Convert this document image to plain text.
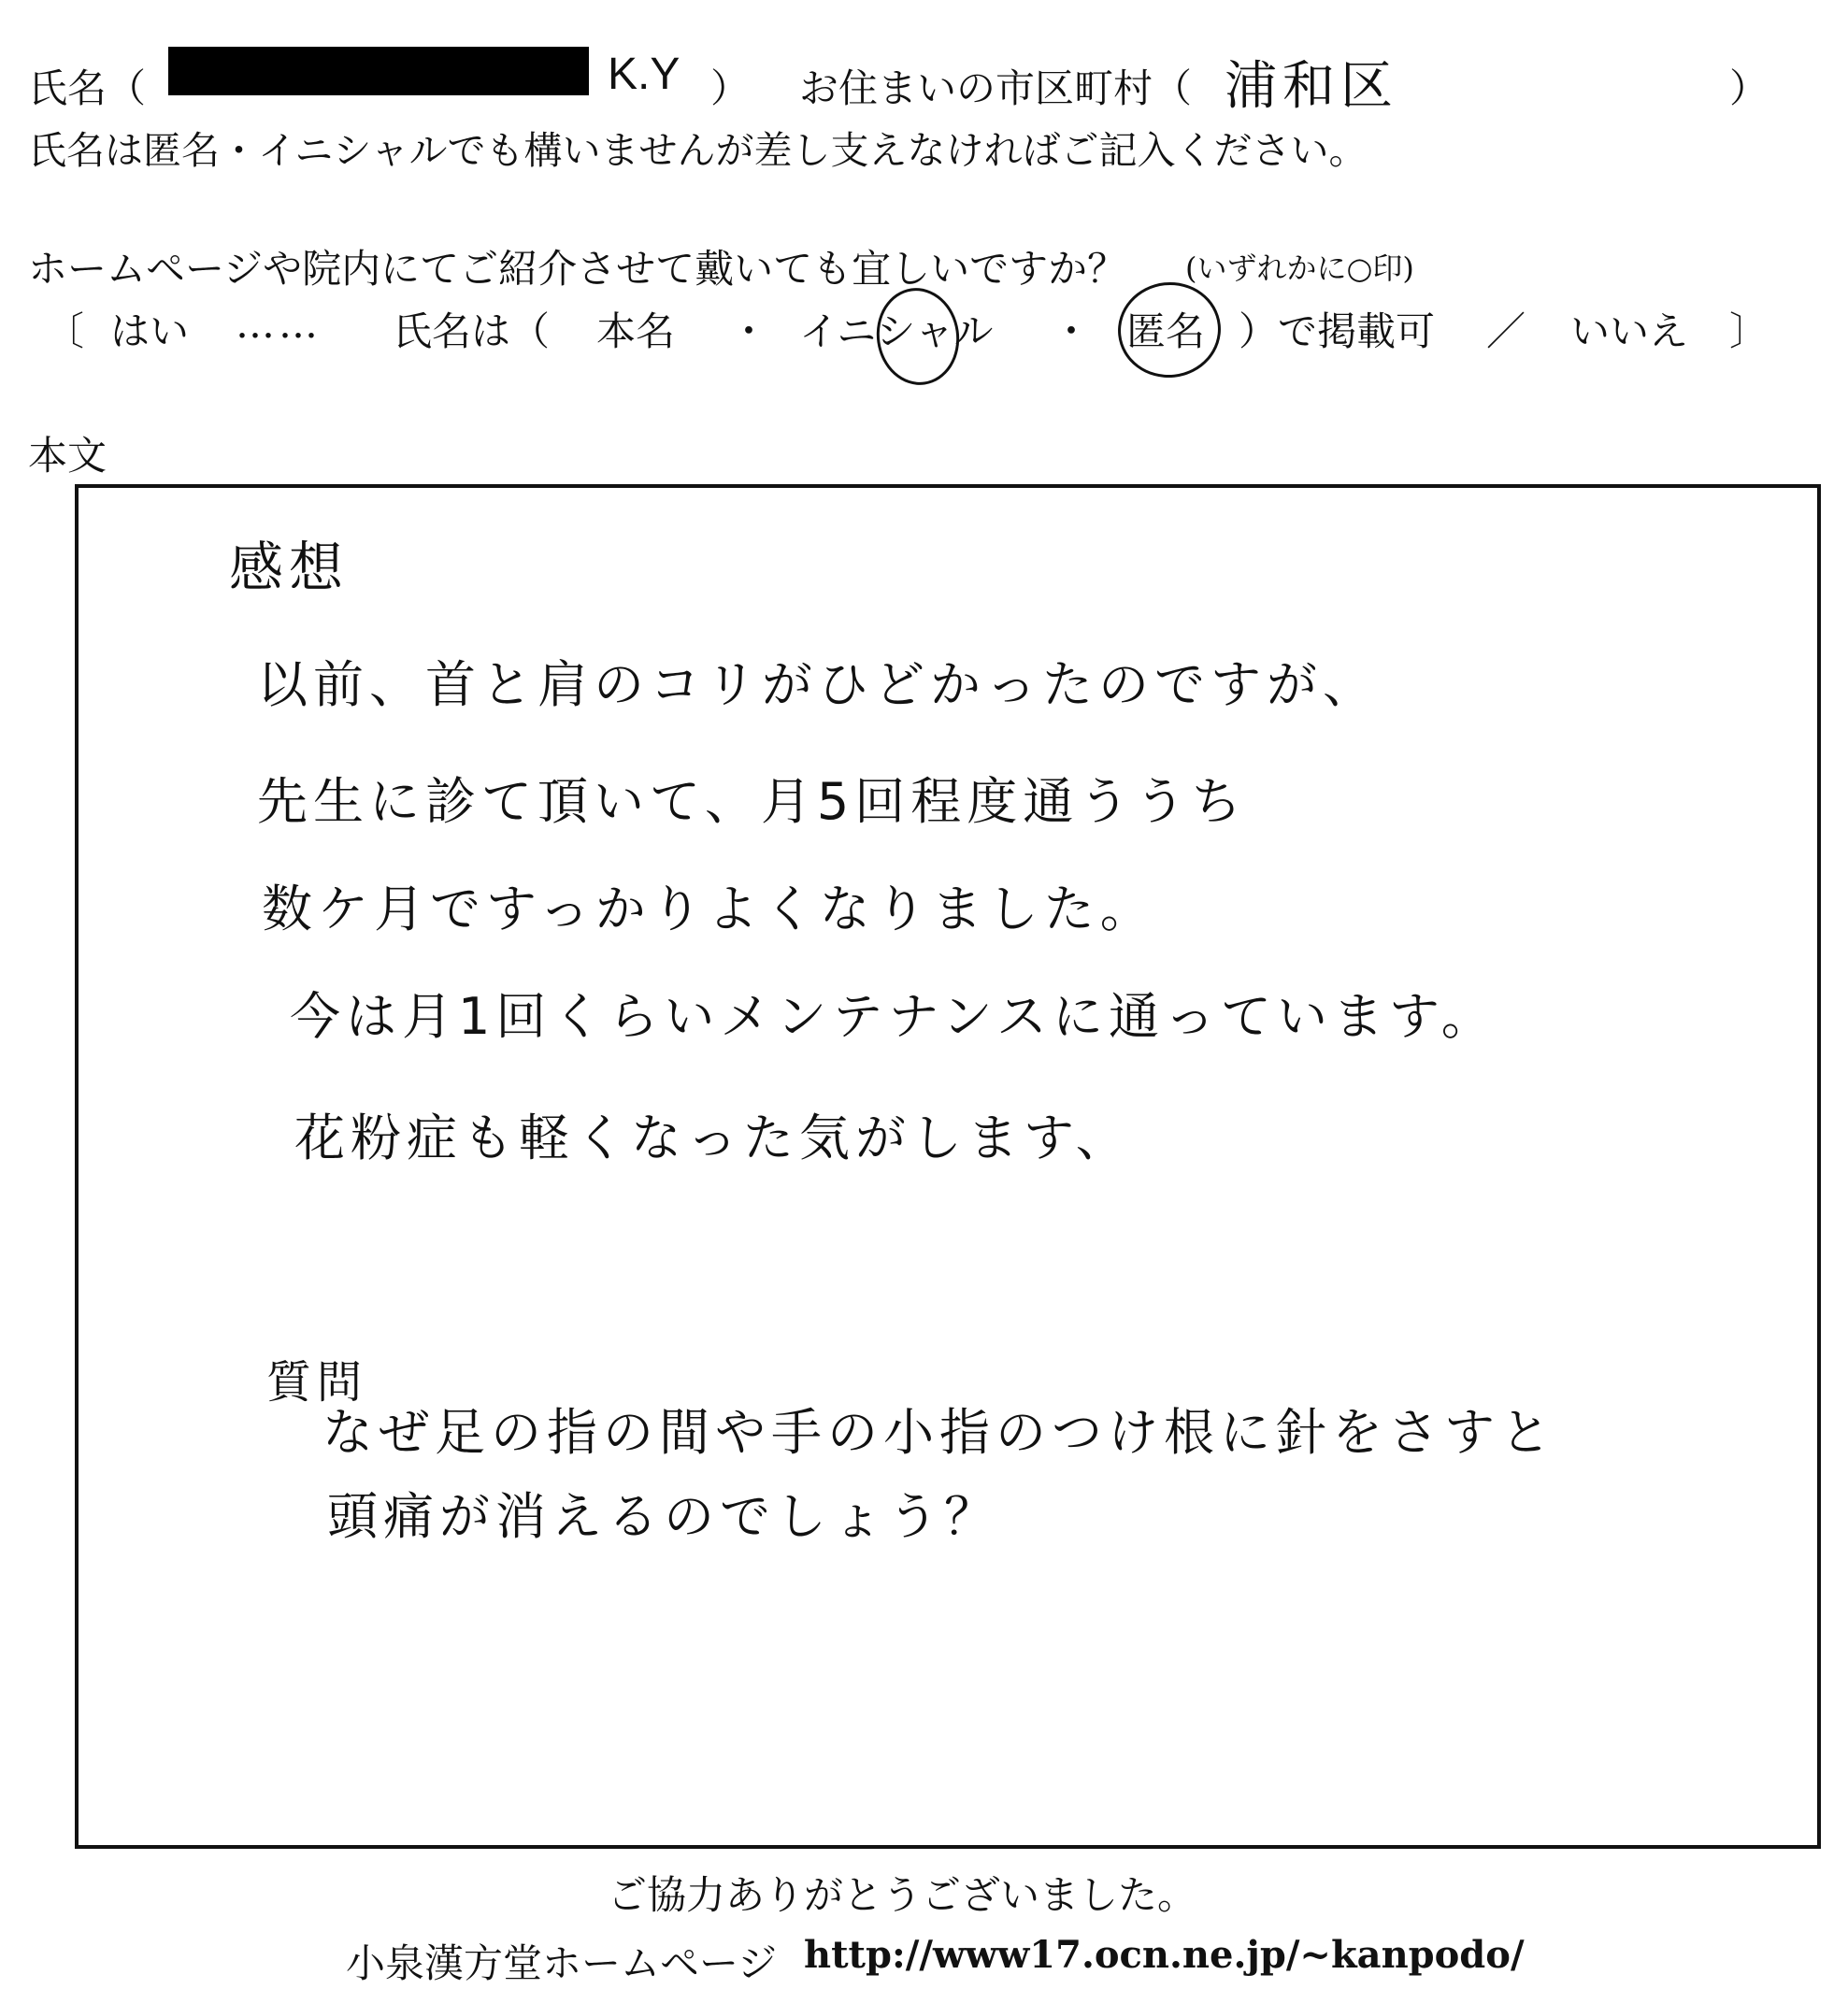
氏名（	K.Y ） お住まいの市区町村（ 浦和区	）
氏名は匿名・イニシャルでも構いませんが差し支えなければご記入ください。
ホームページや院内にてご紹介させて戴いても宜しいですか？ (いずれかに○印)
〔 はい …… 氏名は（ 本名 ・ イニシャル ・ 匿名 ）で掲載可 ／ いいえ 〕
本文
感想
以前、首と肩のコリがひどかったのですが、
先生に診て頂いて、月5回程度通ううち
数ケ月ですっかりよくなりました。
今は月1回くらいメンテナンスに通っています。
花粉症も軽くなった気がします、
質問
なぜ足の指の間や手の小指のつけ根に針をさすと
頭痛が消えるのでしょう？
ご協力ありがとうございました。
小泉漢方堂ホームページ http://www17.ocn.ne.jp/~kanpodo/
